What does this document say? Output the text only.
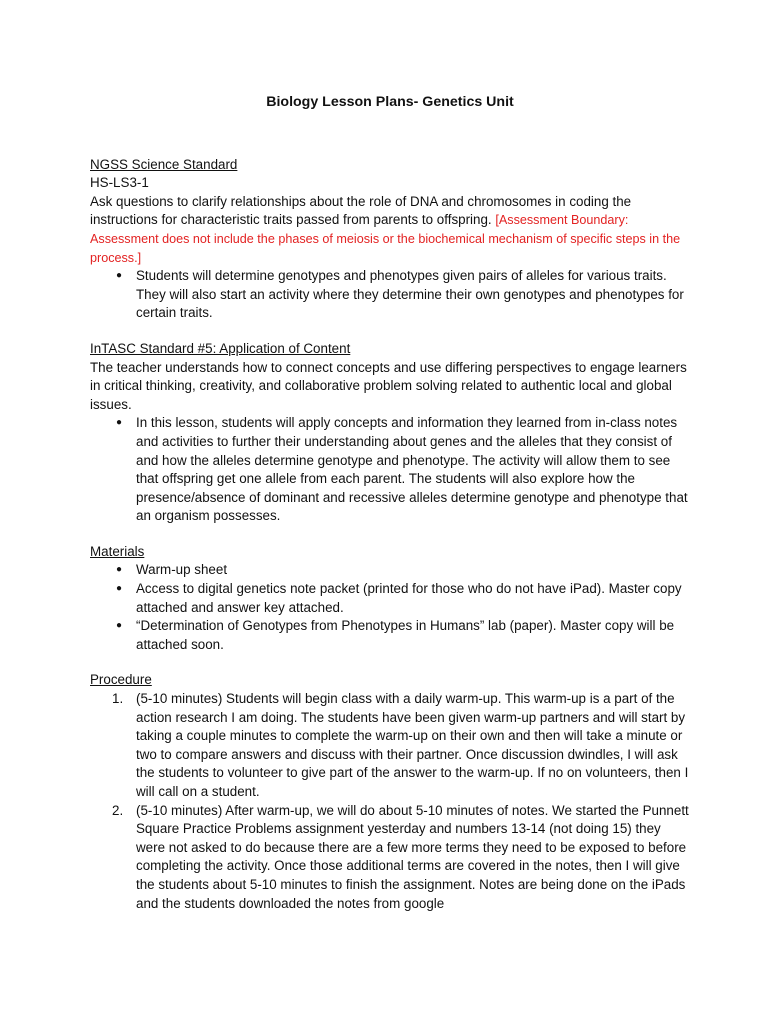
Biology Lesson Plans- Genetics Unit
NGSS Science Standard

HS-LS3-1

Ask questions to clarify relationships about the role of DNA and chromosomes in coding the instructions for characteristic traits passed from parents to offspring. [Assessment Boundary: Assessment does not include the phases of meiosis or the biochemical mechanism of specific steps in the process.]

● Students will determine genotypes and phenotypes given pairs of alleles for various traits. They will also start an activity where they determine their own genotypes and phenotypes for certain traits.
InTASC Standard #5: Application of Content

The teacher understands how to connect concepts and use differing perspectives to engage learners in critical thinking, creativity, and collaborative problem solving related to authentic local and global issues.

● In this lesson, students will apply concepts and information they learned from in-class notes and activities to further their understanding about genes and the alleles that they consist of and how the alleles determine genotype and phenotype. The activity will allow them to see that offspring get one allele from each parent. The students will also explore how the presence/absence of dominant and recessive alleles determine genotype and phenotype that an organism possesses.
Materials
● Warm-up sheet
● Access to digital genetics note packet (printed for those who do not have iPad). Master copy attached and answer key attached.
● “Determination of Genotypes from Phenotypes in Humans” lab (paper). Master copy will be attached soon.
Procedure
1. (5-10 minutes) Students will begin class with a daily warm-up. This warm-up is a part of the action research I am doing. The students have been given warm-up partners and will start by taking a couple minutes to complete the warm-up on their own and then will take a minute or two to compare answers and discuss with their partner. Once discussion dwindles, I will ask the students to volunteer to give part of the answer to the warm-up. If no on volunteers, then I will call on a student.
2. (5-10 minutes) After warm-up, we will do about 5-10 minutes of notes. We started the Punnett Square Practice Problems assignment yesterday and numbers 13-14 (not doing 15) they were not asked to do because there are a few more terms they need to be exposed to before completing the activity. Once those additional terms are covered in the notes, then I will give the students about 5-10 minutes to finish the assignment. Notes are being done on the iPads and the students downloaded the notes from google
